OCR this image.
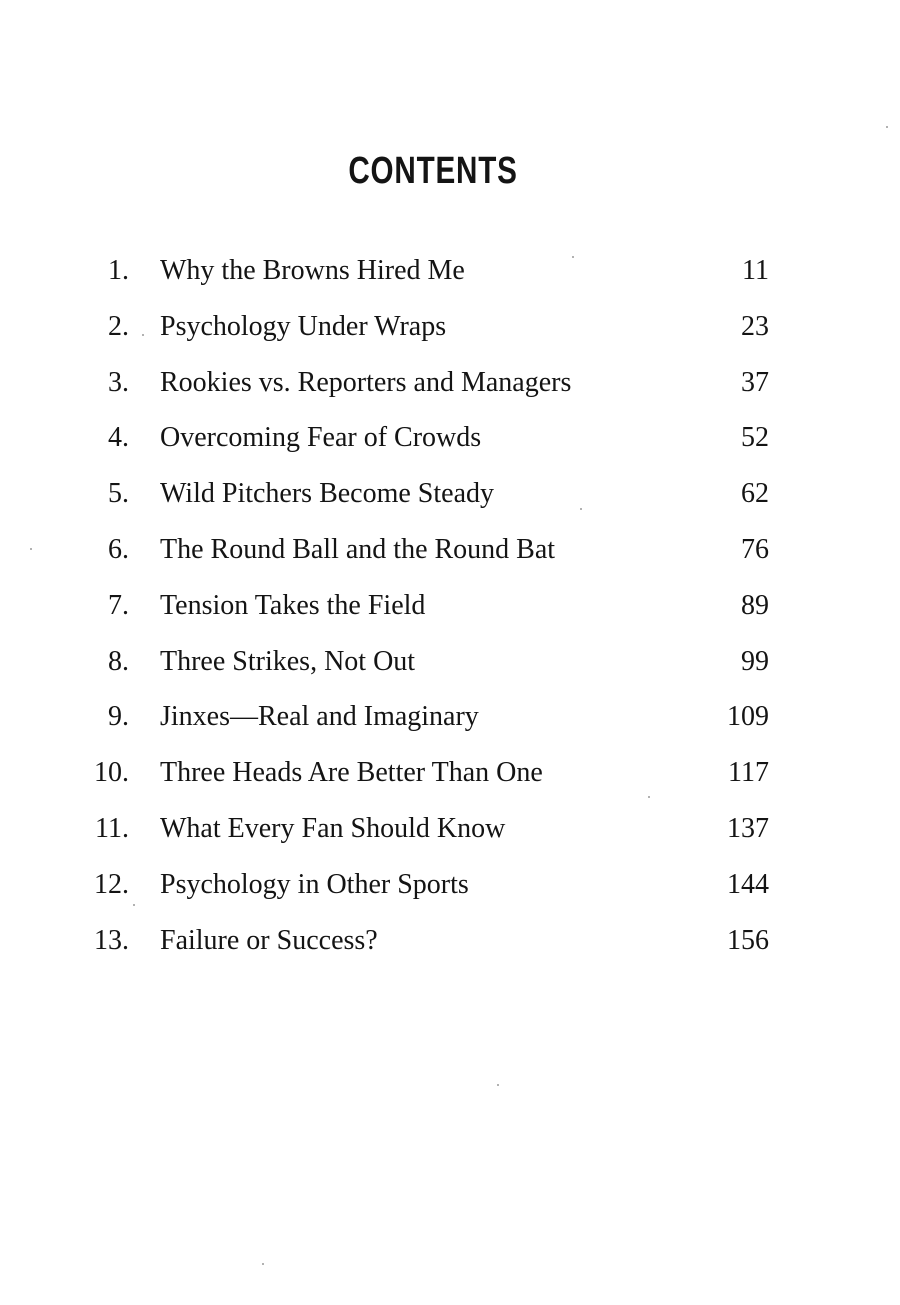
CONTENTS
1. Why the Browns Hired Me	11
2. Psychology Under Wraps	23
3. Rookies vs. Reporters and Managers	37
4. Overcoming Fear of Crowds	52
5. Wild Pitchers Become Steady	62
6. The Round Ball and the Round Bat	76
7. Tension Takes the Field	89
8. Three Strikes, Not Out	99
9. Jinxes—Real and Imaginary	109
10. Three Heads Are Better Than One	117
11. What Every Fan Should Know	137
12. Psychology in Other Sports	144
13. Failure or Success?	156
